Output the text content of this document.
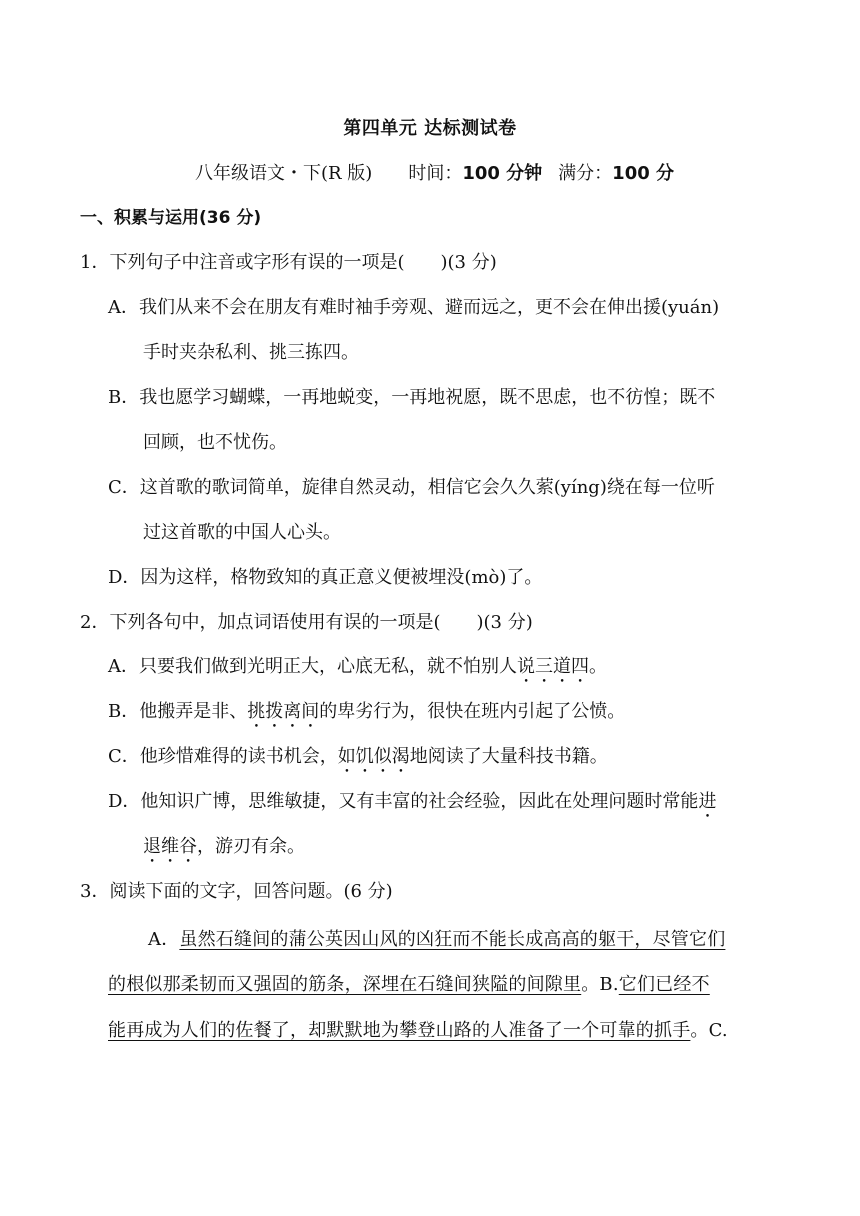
第四单元 达标测试卷
八年级语文・下(R 版) 时间：100 分钟 满分：100 分
一、积累与运用(36 分)
1．下列句子中注音或字形有误的一项是(　　)(3 分)
A．我们从来不会在朋友有难时袖手旁观、避而远之，更不会在伸出援(yuán)
手时夹杂私利、挑三拣四。
B．我也愿学习蝴蝶，一再地蜕变，一再地祝愿，既不思虑，也不彷惶；既不
回顾，也不忧伤。
C．这首歌的歌词简单，旋律自然灵动，相信它会久久萦(yíng)绕在每一位听
过这首歌的中国人心头。
D．因为这样，格物致知的真正意义便被埋没(mò)了。
2．下列各句中，加点词语使用有误的一项是(　　)(3 分)
A．只要我们做到光明正大，心底无私，就不怕别人说三道四。
B．他搬弄是非、挑拨离间的卑劣行为，很快在班内引起了公愤。
C．他珍惜难得的读书机会，如饥似渴地阅读了大量科技书籍。
D．他知识广博，思维敏捷，又有丰富的社会经验，因此在处理问题时常能进
退维谷，游刃有余。
3．阅读下面的文字，回答问题。(6 分)
A．虽然石缝间的蒲公英因山风的凶狂而不能长成高高的躯干，尽管它们
的根似那柔韧而又强固的筋条，深埋在石缝间狭隘的间隙里。B.它们已经不
能再成为人们的佐餐了，却默默地为攀登山路的人准备了一个可靠的抓手。C.
